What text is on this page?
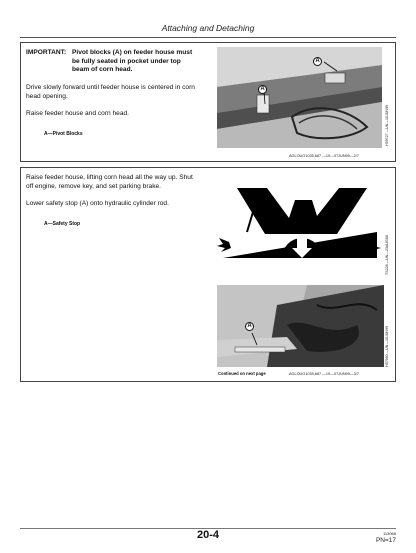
Attaching and Detaching
IMPORTANT: Pivot blocks (A) on feeder house must
be fully seated in pocket under top
beam of corn head.
Drive slowly forward until feeder house is centered in corn
head opening.
Raise feeder house and corn head.
A—Pivot Blocks
A
A
H59727 —UN—10JUN99
AGLOUO1035,687 —19—07JUN99—2/7
Raise feeder house, lifting corn head all the way up. Shut
off engine, remove key, and set parking brake.
Lower safety stop (A) onto hydraulic cylinder rod.
A—Safety Stop
TS228 —UN—23AUG88
A
H57660 —UN—10JUN99
Continued on next page	AGLOUO1035,687 —19—07JUN99—3/7
20-4	113068
PN=17
